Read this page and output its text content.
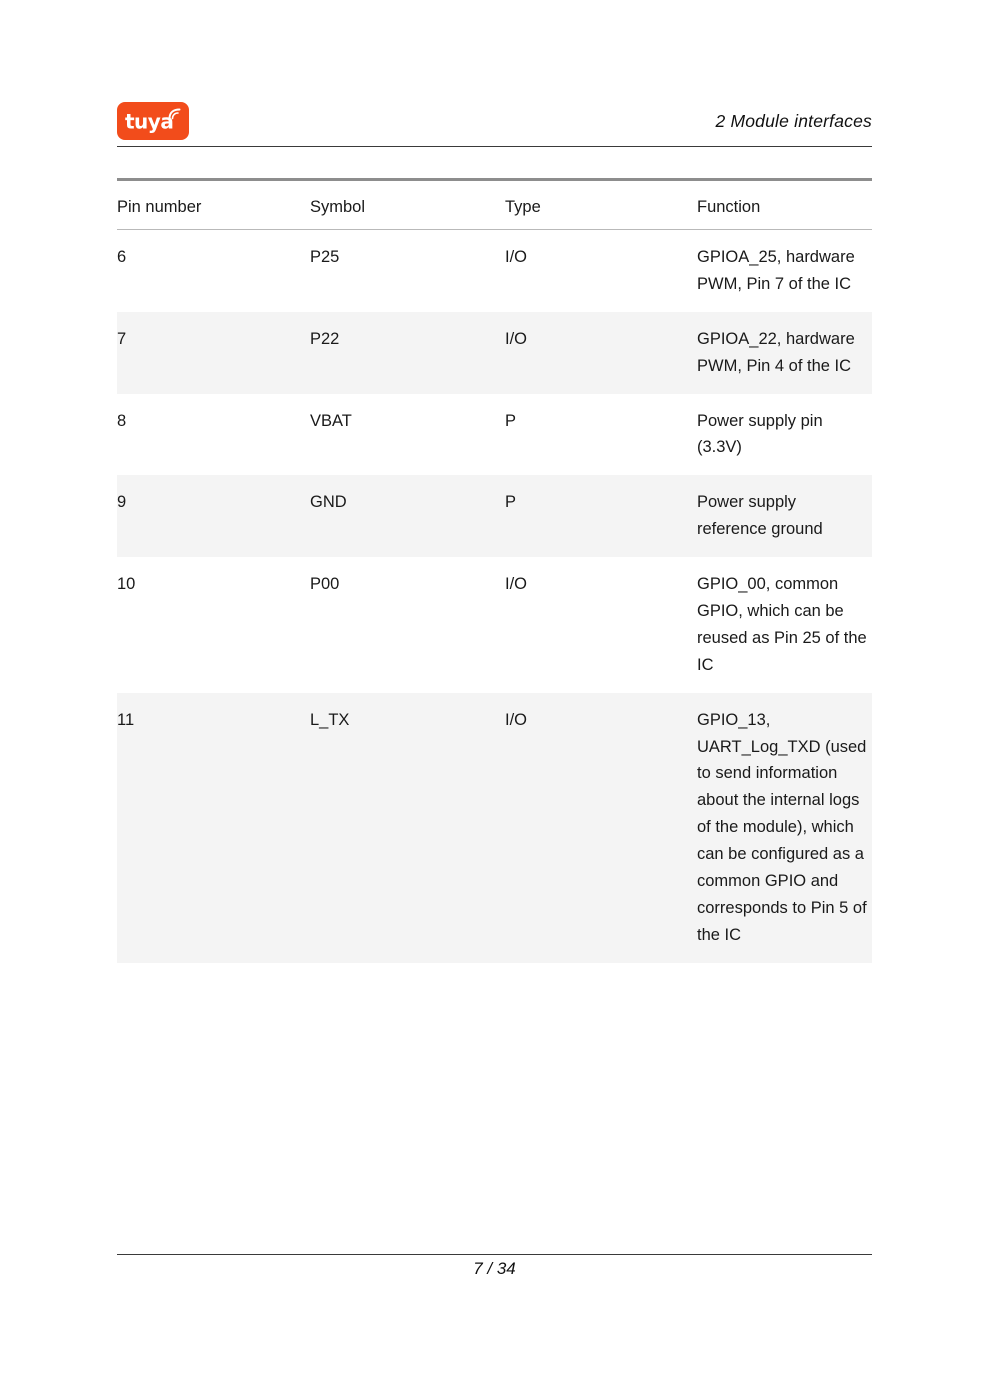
tuya	2 Module interfaces
Pin number	Symbol	Type	Function
6	P25	I/O	GPIOA_25, hardware PWM, Pin 7 of the IC
7	P22	I/O	GPIOA_22, hardware PWM, Pin 4 of the IC
8	VBAT	P	Power supply pin (3.3V)
9	GND	P	Power supply reference ground
10	P00	I/O	GPIO_00, common GPIO, which can be reused as Pin 25 of the IC
11	L_TX	I/O	GPIO_13, UART_Log_TXD (used to send information about the internal logs of the module), which can be configured as a common GPIO and corresponds to Pin 5 of the IC
7 / 34
